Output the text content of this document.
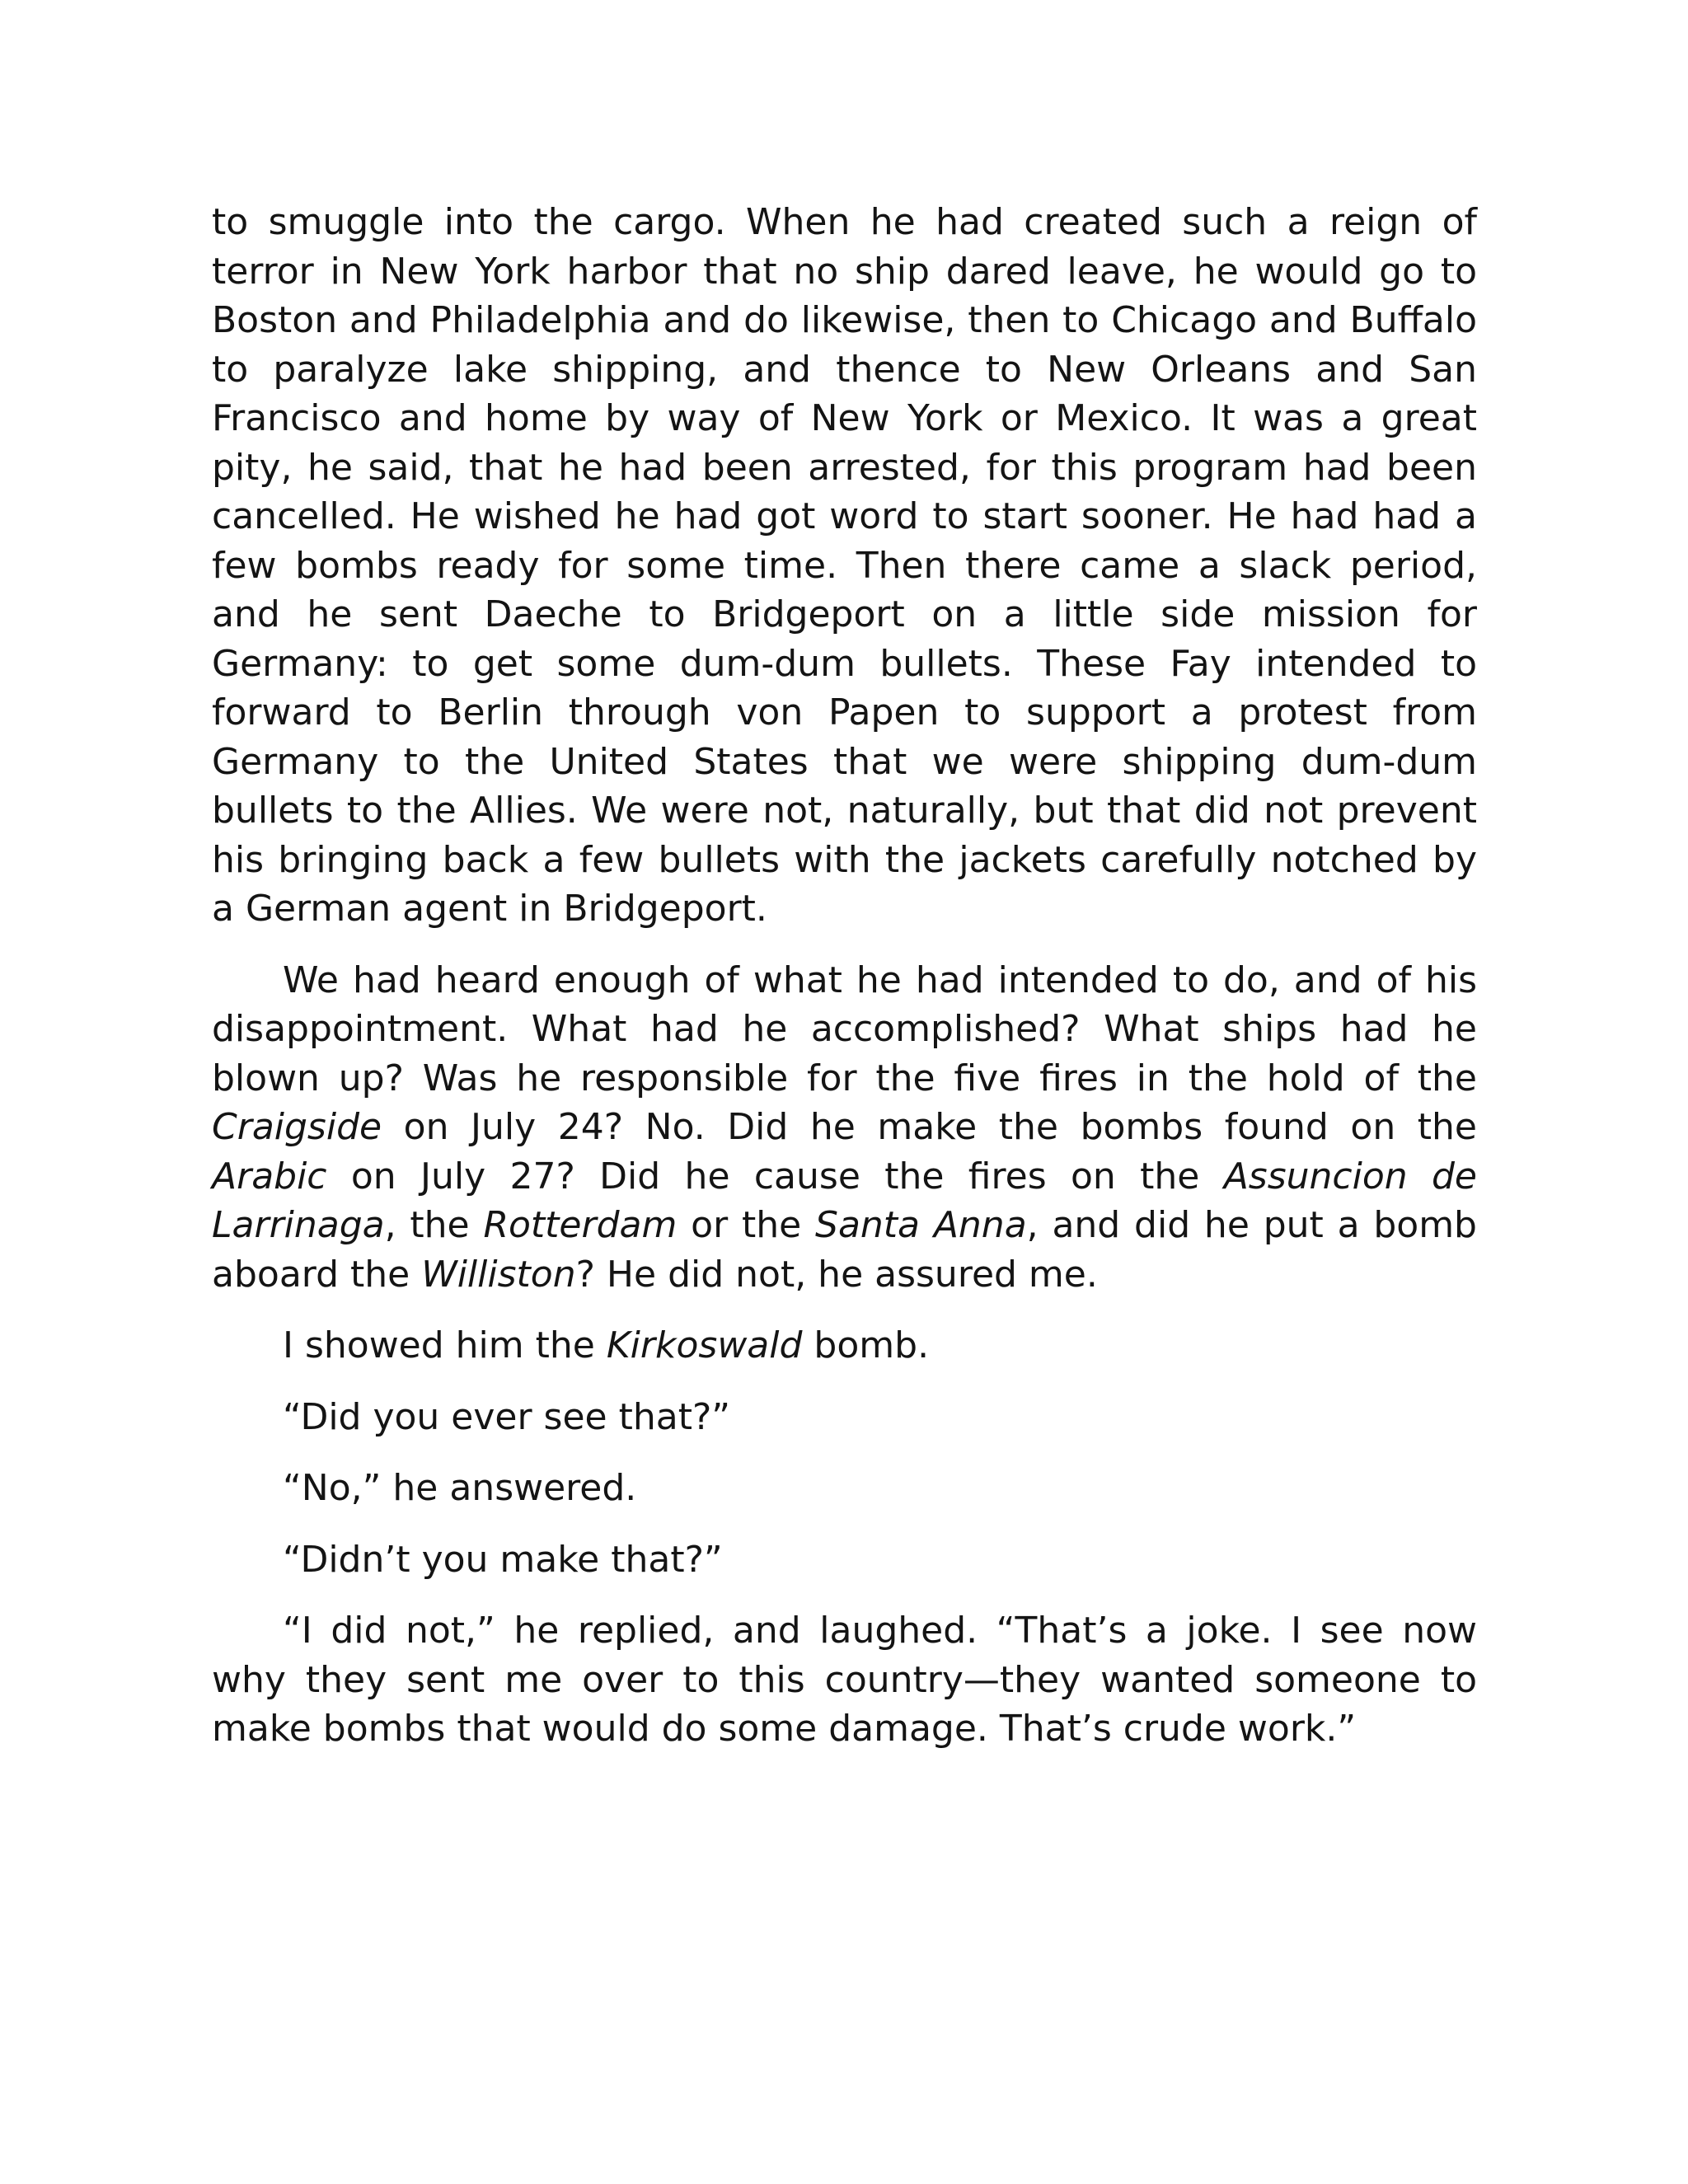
to smuggle into the cargo. When he had created such a reign of terror in New York harbor that no ship dared leave, he would go to Boston and Philadelphia and do likewise, then to Chicago and Buffalo to paralyze lake shipping, and thence to New Orleans and San Francisco and home by way of New York or Mexico. It was a great pity, he said, that he had been arrested, for this program had been cancelled. He wished he had got word to start sooner. He had had a few bombs ready for some time. Then there came a slack period, and he sent Daeche to Bridgeport on a little side mission for Germany: to get some dum-dum bullets. These Fay intended to forward to Berlin through von Papen to support a protest from Germany to the United States that we were shipping dum-dum bullets to the Allies. We were not, naturally, but that did not prevent his bringing back a few bullets with the jackets carefully notched by a German agent in Bridgeport.

We had heard enough of what he had intended to do, and of his disappointment. What had he accomplished? What ships had he blown up? Was he responsible for the five fires in the hold of the Craigside on July 24? No. Did he make the bombs found on the Arabic on July 27? Did he cause the fires on the Assuncion de Larrinaga, the Rotterdam or the Santa Anna, and did he put a bomb aboard the Williston? He did not, he assured me.

I showed him the Kirkoswald bomb.

“Did you ever see that?”

“No,” he answered.

“Didn’t you make that?”

“I did not,” he replied, and laughed. “That’s a joke. I see now why they sent me over to this country—they wanted someone to make bombs that would do some damage. That’s crude work.”
